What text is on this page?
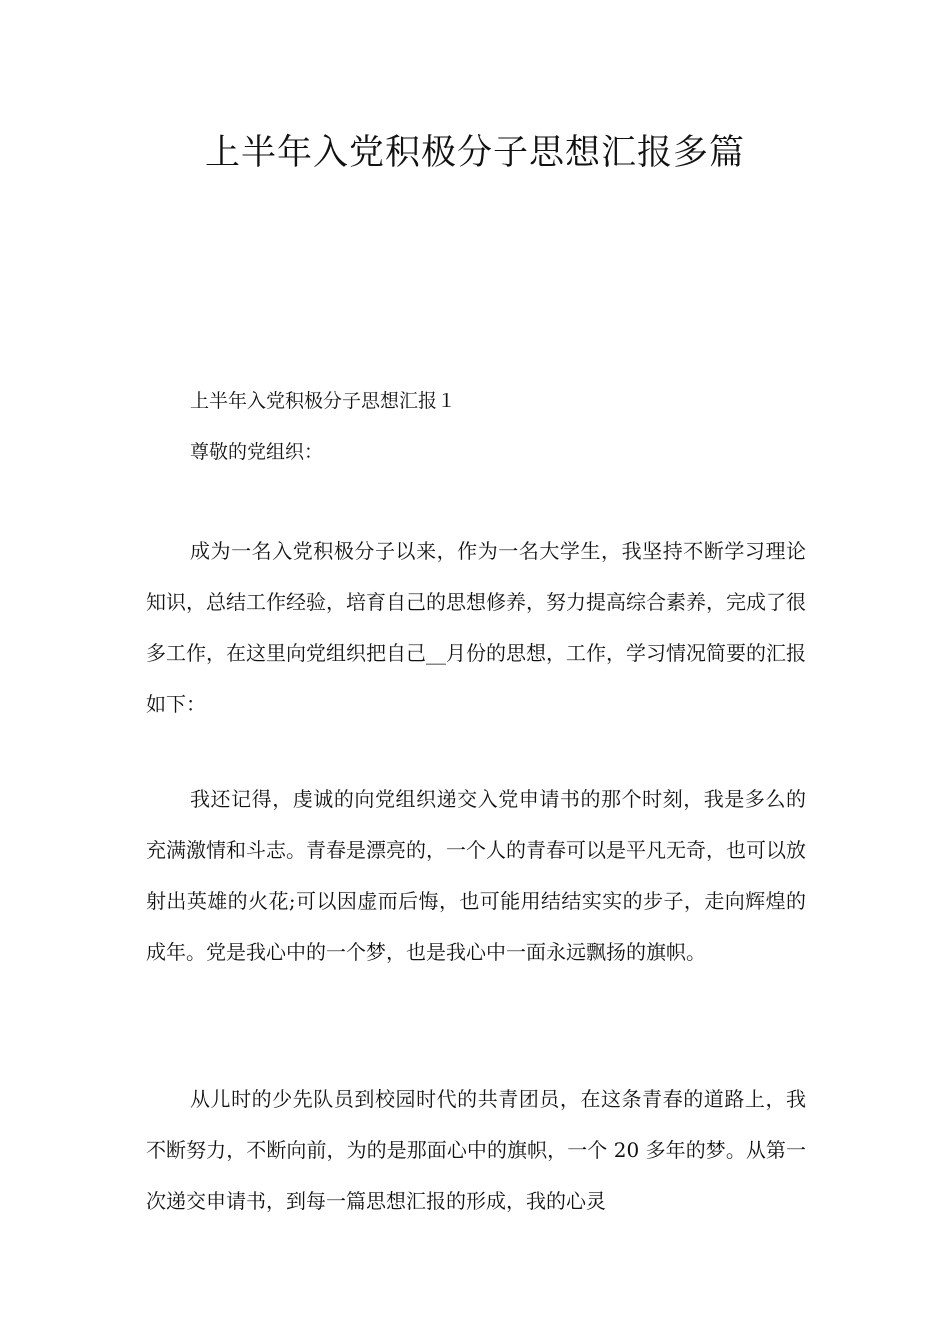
上半年入党积极分子思想汇报多篇

上半年入党积极分子思想汇报１

尊敬的党组织：

成为一名入党积极分子以来，作为一名大学生，我坚持不断学习理论知识，总结工作经验，培育自己的思想修养，努力提高综合素养，完成了很多工作，在这里向党组织把自己__月份的思想，工作，学习情况简要的汇报如下：

我还记得，虔诚的向党组织递交入党申请书的那个时刻，我是多么的充满激情和斗志。青春是漂亮的，一个人的青春可以是平凡无奇，也可以放射出英雄的火花;可以因虚而后悔，也可能用结结实实的步子，走向辉煌的成年。党是我心中的一个梦，也是我心中一面永远飘扬的旗帜。

从儿时的少先队员到校园时代的共青团员，在这条青春的道路上，我不断努力，不断向前，为的是那面心中的旗帜，一个 20 多年的梦。从第一次递交申请书，到每一篇思想汇报的形成，我的心灵
